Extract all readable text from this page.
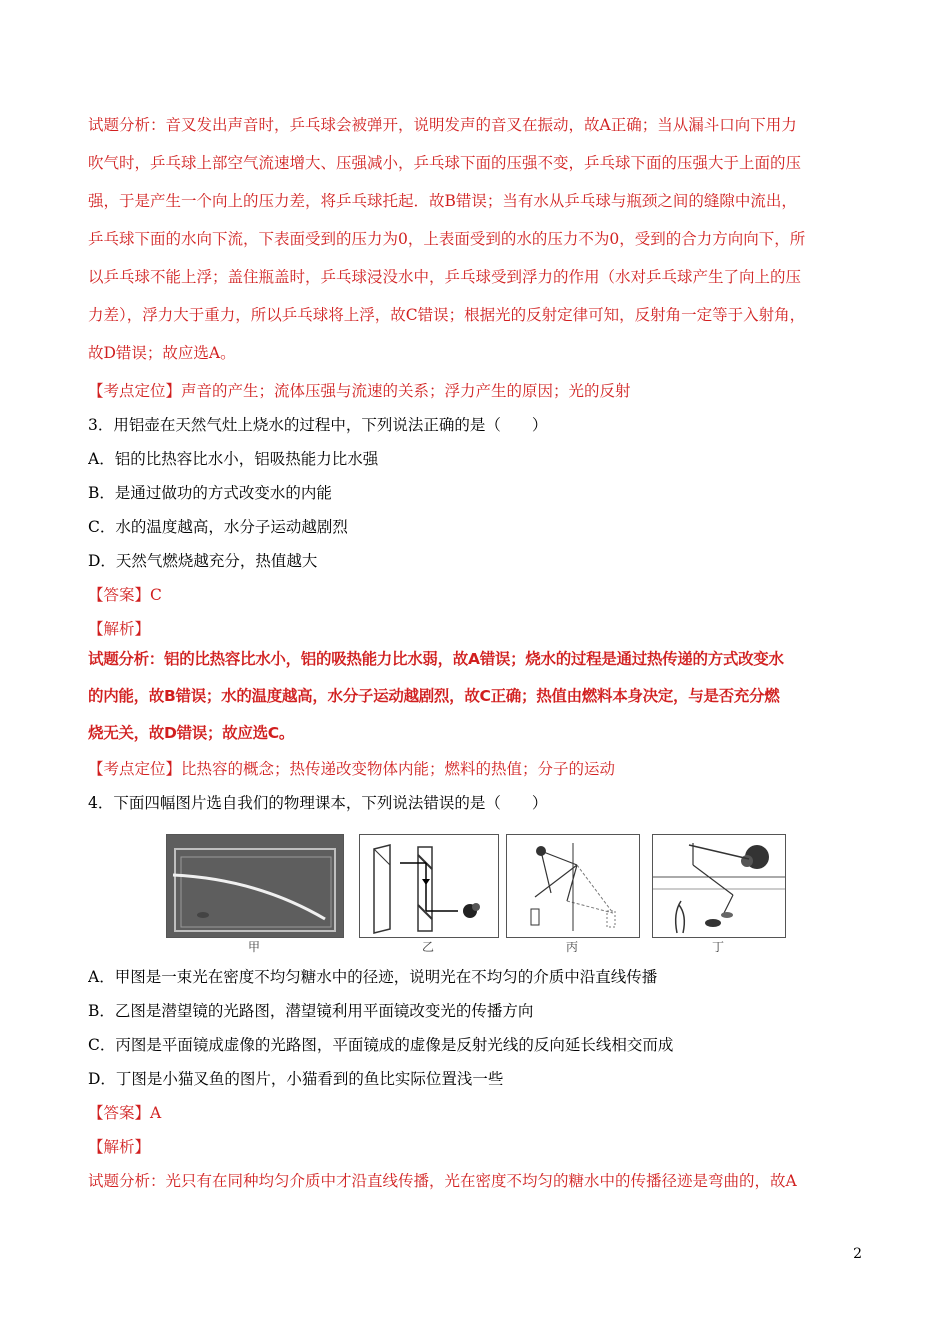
试题分析：音叉发出声音时，乒乓球会被弹开，说明发声的音叉在振动，故A正确；当从漏斗口向下用力
吹气时，乒乓球上部空气流速增大、压强减小，乒乓球下面的压强不变，乒乓球下面的压强大于上面的压
强，于是产生一个向上的压力差，将乒乓球托起．故B错误；当有水从乒乓球与瓶颈之间的缝隙中流出，
乒乓球下面的水向下流，下表面受到的压力为0，上表面受到的水的压力不为0，受到的合力方向向下，所
以乒乓球不能上浮；盖住瓶盖时，乒乓球浸没水中，乒乓球受到浮力的作用（水对乒乓球产生了向上的压
力差），浮力大于重力，所以乒乓球将上浮，故C错误；根据光的反射定律可知，反射角一定等于入射角，
故D错误；故应选A。
【考点定位】声音的产生；流体压强与流速的关系；浮力产生的原因；光的反射
3．用铝壶在天然气灶上烧水的过程中，下列说法正确的是（　　）
A．铝的比热容比水小，铝吸热能力比水强
B．是通过做功的方式改变水的内能
C．水的温度越高，水分子运动越剧烈
D．天然气燃烧越充分，热值越大
【答案】C
【解析】
试题分析：铝的比热容比水小，铝的吸热能力比水弱，故A错误；烧水的过程是通过热传递的方式改变水
的内能，故B错误；水的温度越高，水分子运动越剧烈，故C正确；热值由燃料本身决定，与是否充分燃
烧无关，故D错误；故应选C。
【考点定位】比热容的概念；热传递改变物体内能；燃料的热值；分子的运动
4．下面四幅图片选自我们的物理课本，下列说法错误的是（　　）
甲	乙	丙	丁
A．甲图是一束光在密度不均匀糖水中的径迹，说明光在不均匀的介质中沿直线传播
B．乙图是潜望镜的光路图，潜望镜利用平面镜改变光的传播方向
C．丙图是平面镜成虚像的光路图，平面镜成的虚像是反射光线的反向延长线相交而成
D．丁图是小猫叉鱼的图片，小猫看到的鱼比实际位置浅一些
【答案】A
【解析】
试题分析：光只有在同种均匀介质中才沿直线传播，光在密度不均匀的糖水中的传播径迹是弯曲的，故A
2
